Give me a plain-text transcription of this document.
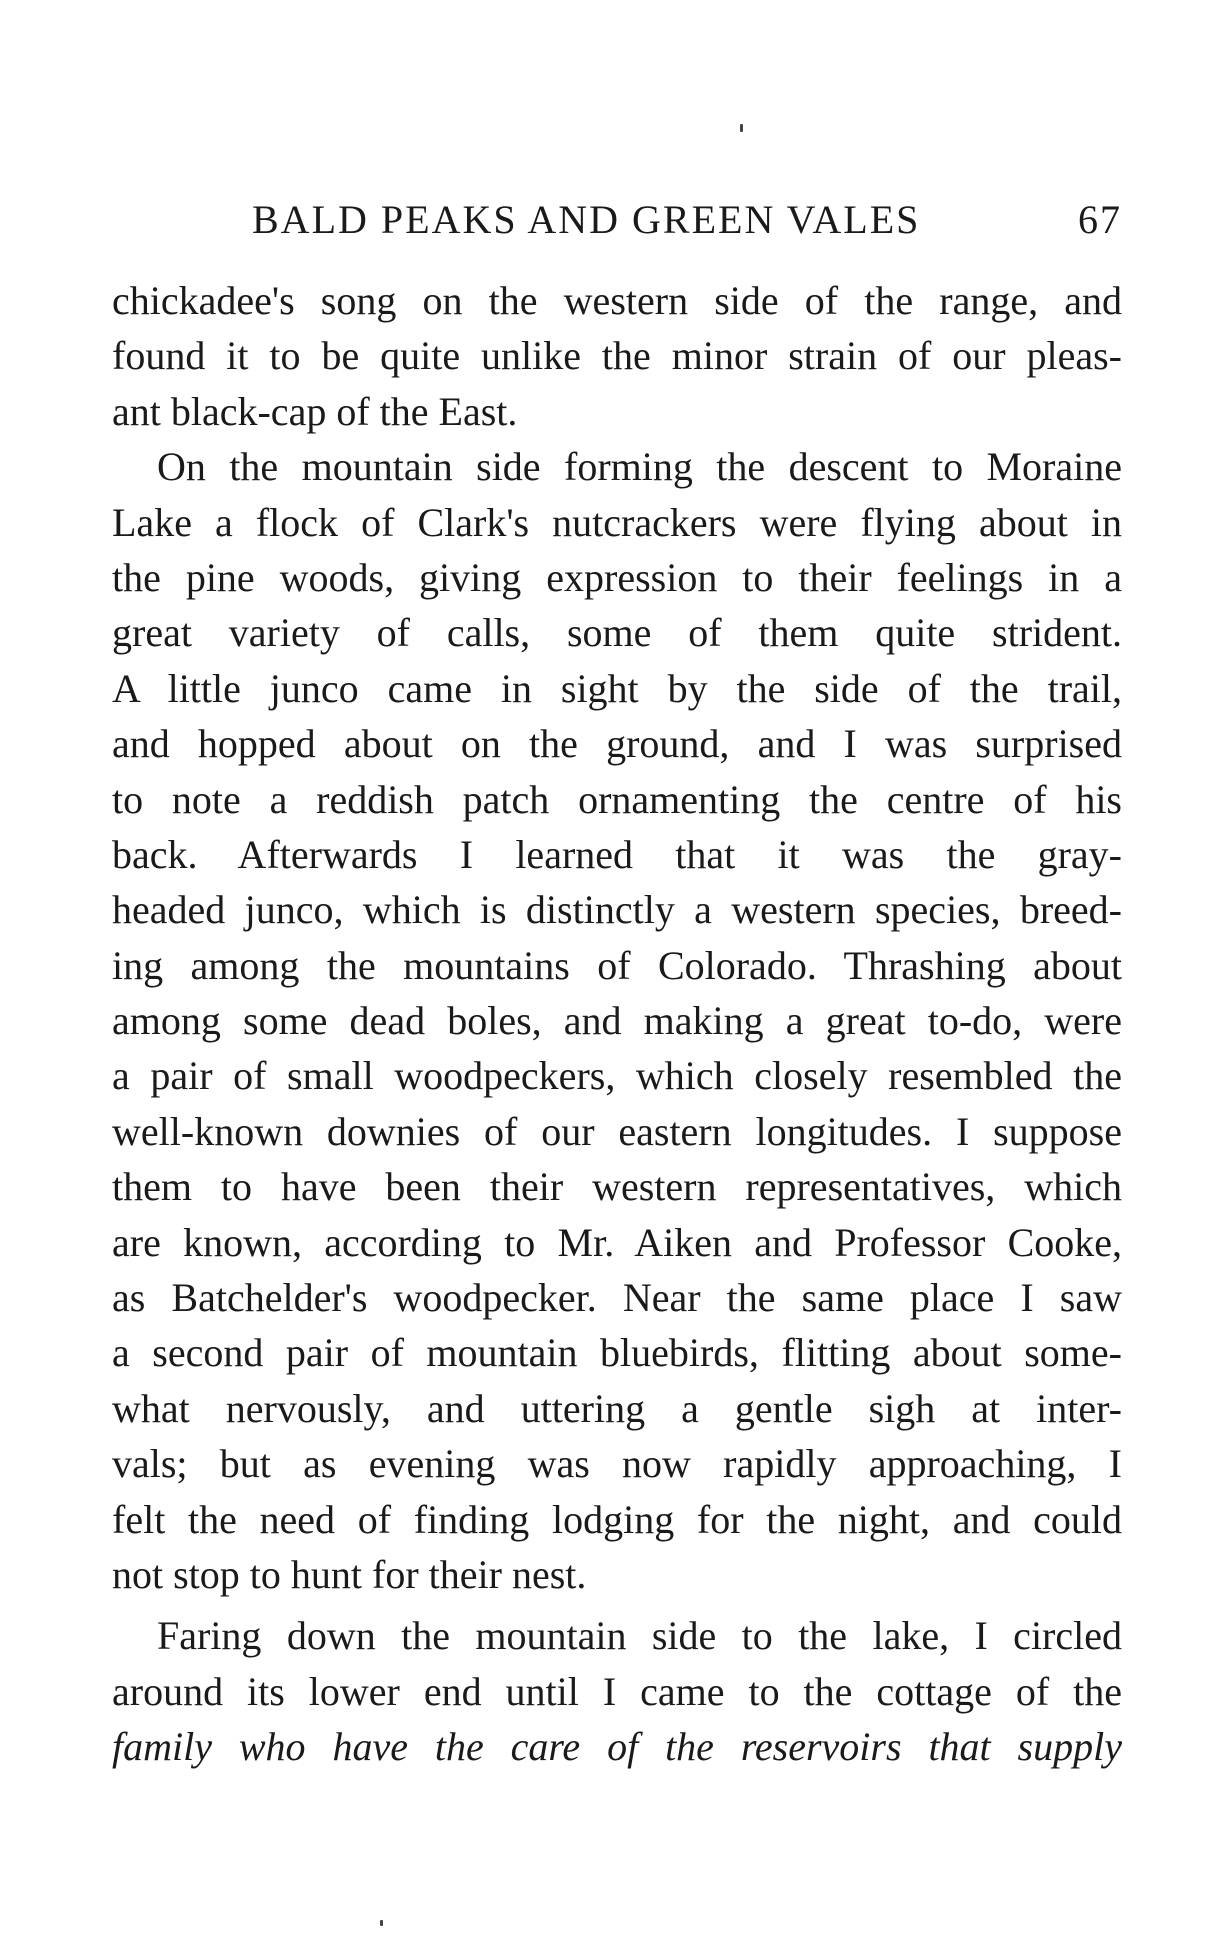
BALD PEAKS AND GREEN VALES	67
chickadee's song on the western side of the range, and
found it to be quite unlike the minor strain of our pleas-
ant black-cap of the East.
On the mountain side forming the descent to Moraine
Lake a flock of Clark's nutcrackers were flying about in
the pine woods, giving expression to their feelings in a
great variety of calls, some of them quite strident.
A little junco came in sight by the side of the trail,
and hopped about on the ground, and I was surprised
to note a reddish patch ornamenting the centre of his
back. Afterwards I learned that it was the gray-
headed junco, which is distinctly a western species, breed-
ing among the mountains of Colorado. Thrashing about
among some dead boles, and making a great to-do, were
a pair of small woodpeckers, which closely resembled the
well-known downies of our eastern longitudes. I suppose
them to have been their western representatives, which
are known, according to Mr. Aiken and Professor Cooke,
as Batchelder's woodpecker. Near the same place I saw
a second pair of mountain bluebirds, flitting about some-
what nervously, and uttering a gentle sigh at inter-
vals; but as evening was now rapidly approaching, I
felt the need of finding lodging for the night, and could
not stop to hunt for their nest.
Faring down the mountain side to the lake, I circled
around its lower end until I came to the cottage of the
family who have the care of the reservoirs that supply
